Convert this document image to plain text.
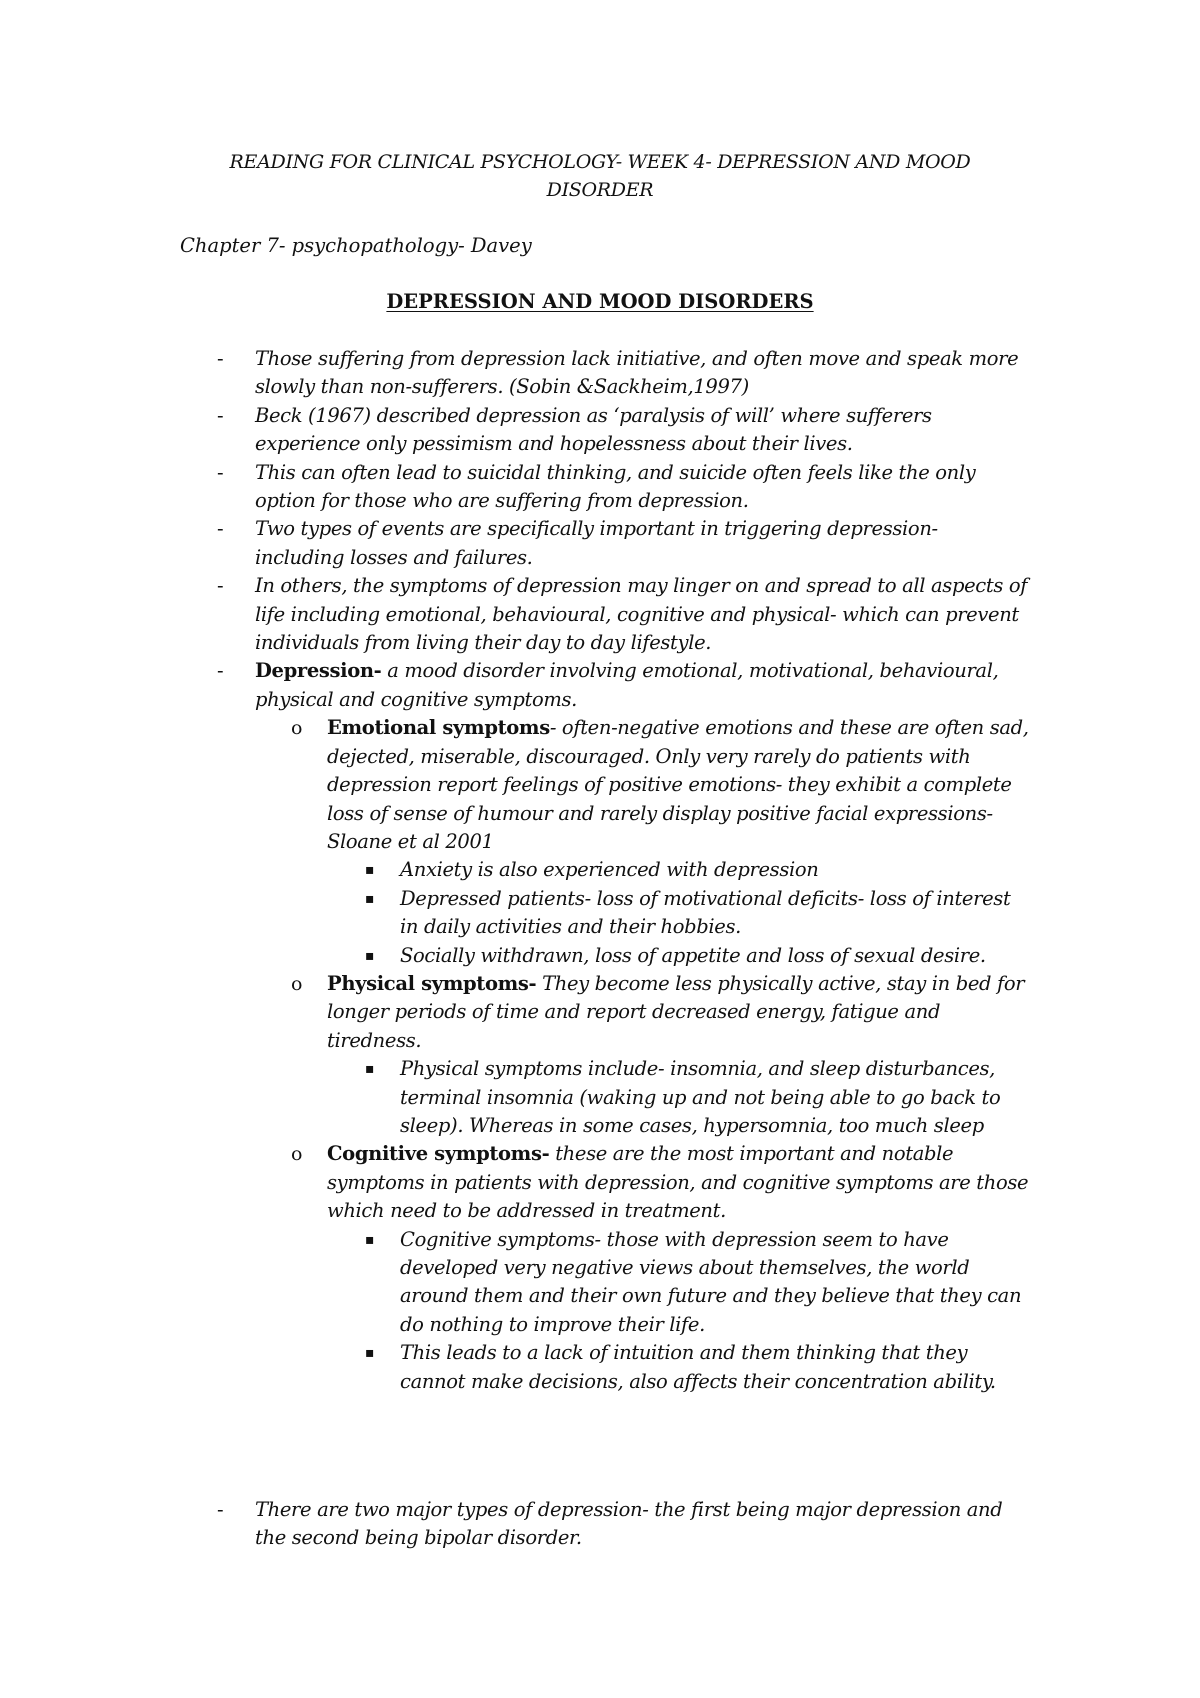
READING FOR CLINICAL PSYCHOLOGY- WEEK 4- DEPRESSION AND MOOD DISORDER

Chapter 7- psychopathology- Davey

DEPRESSION AND MOOD DISORDERS

- Those suffering from depression lack initiative, and often move and speak more slowly than non-sufferers. (Sobin &Sackheim,1997)
- Beck (1967) described depression as ‘paralysis of will’ where sufferers experience only pessimism and hopelessness about their lives.
- This can often lead to suicidal thinking, and suicide often feels like the only option for those who are suffering from depression.
- Two types of events are specifically important in triggering depression- including losses and failures.
- In others, the symptoms of depression may linger on and spread to all aspects of life including emotional, behavioural, cognitive and physical- which can prevent individuals from living their day to day lifestyle.
- Depression- a mood disorder involving emotional, motivational, behavioural, physical and cognitive symptoms.
o Emotional symptoms- often-negative emotions and these are often sad, dejected, miserable, discouraged. Only very rarely do patients with depression report feelings of positive emotions- they exhibit a complete loss of sense of humour and rarely display positive facial expressions- Sloane et al 2001
▪ Anxiety is also experienced with depression
▪ Depressed patients- loss of motivational deficits- loss of interest in daily activities and their hobbies.
▪ Socially withdrawn, loss of appetite and loss of sexual desire.
o Physical symptoms- They become less physically active, stay in bed for longer periods of time and report decreased energy, fatigue and tiredness.
▪ Physical symptoms include- insomnia, and sleep disturbances, terminal insomnia (waking up and not being able to go back to sleep). Whereas in some cases, hypersomnia, too much sleep
o Cognitive symptoms- these are the most important and notable symptoms in patients with depression, and cognitive symptoms are those which need to be addressed in treatment.
▪ Cognitive symptoms- those with depression seem to have developed very negative views about themselves, the world around them and their own future and they believe that they can do nothing to improve their life.
▪ This leads to a lack of intuition and them thinking that they cannot make decisions, also affects their concentration ability.
- There are two major types of depression- the first being major depression and the second being bipolar disorder.
